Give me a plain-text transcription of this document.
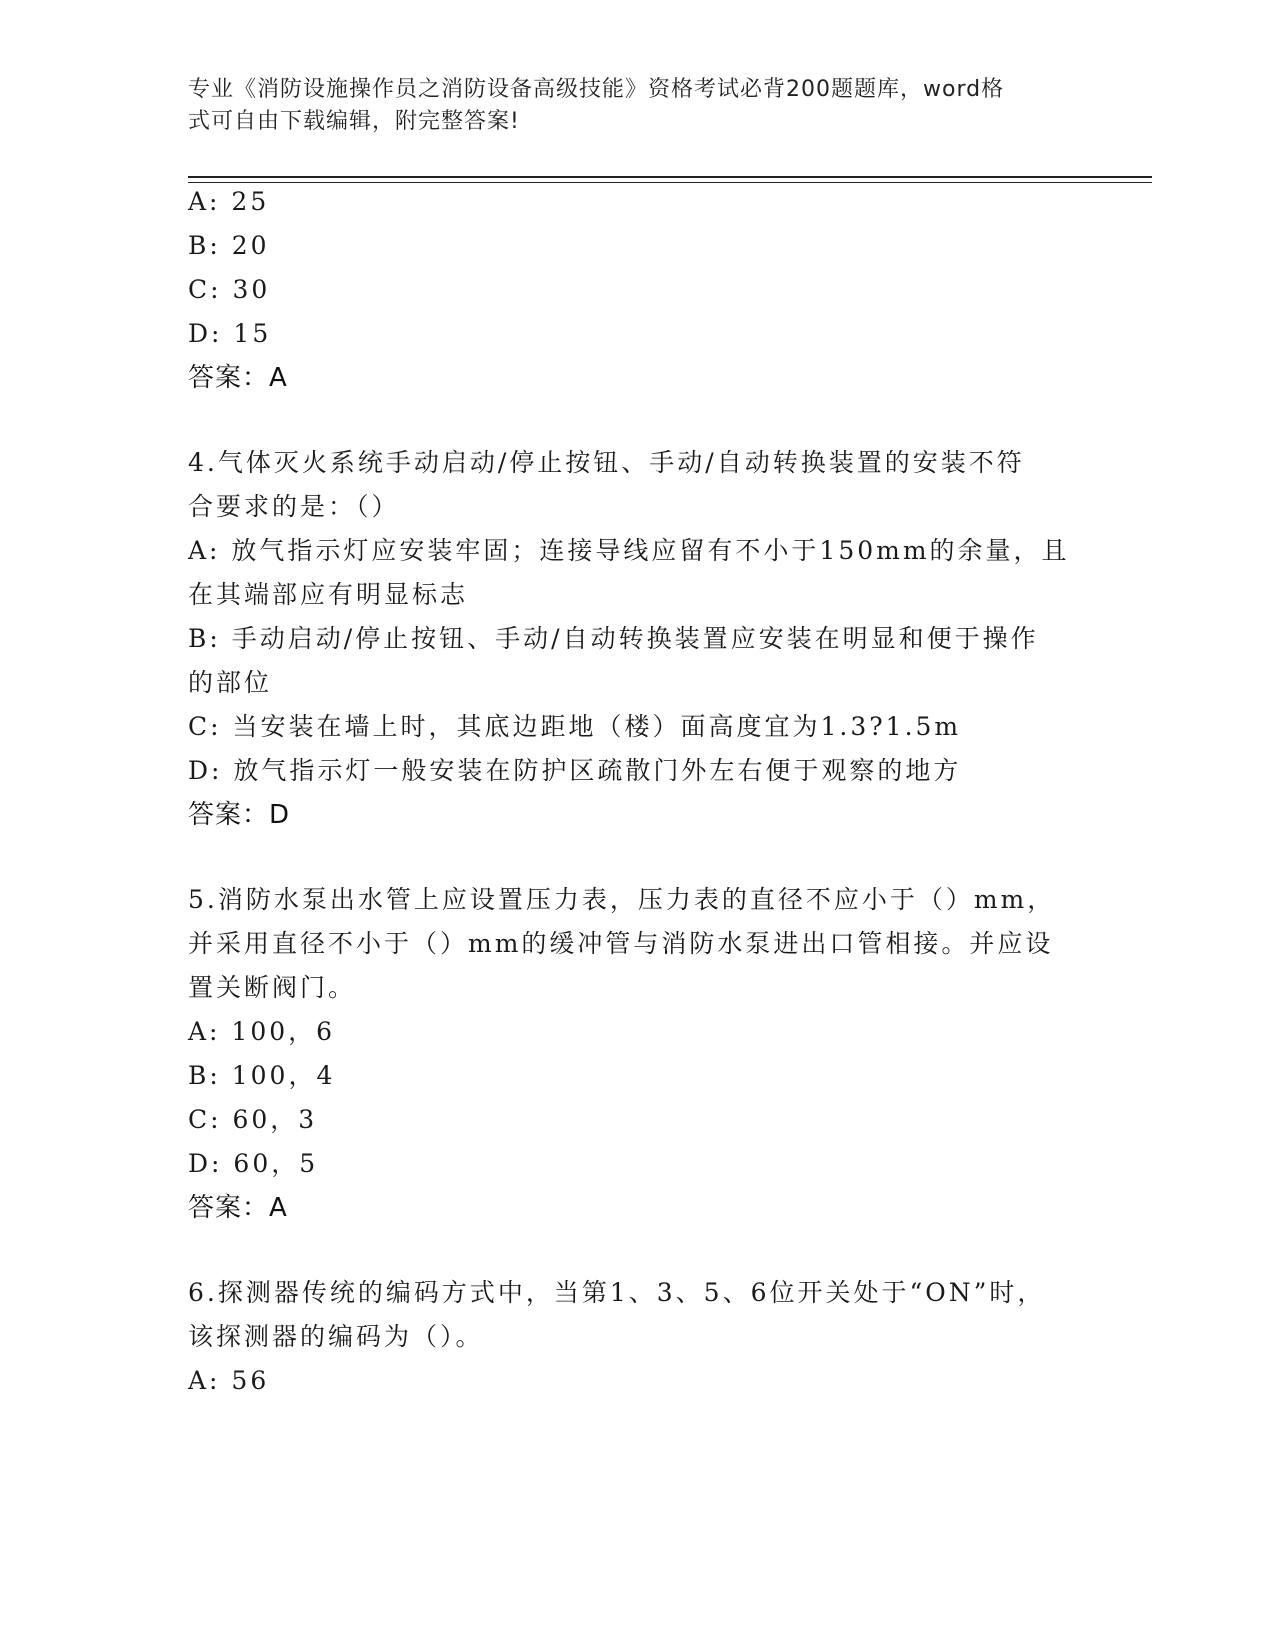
专业《消防设施操作员之消防设备高级技能》资格考试必背200题题库，word格
式可自由下载编辑，附完整答案!
A: 25
B: 20
C: 30
D: 15
答案：A
4.气体灭火系统手动启动/停止按钮、手动/自动转换装置的安装不符
合要求的是：（）
A: 放气指示灯应安装牢固；连接导线应留有不小于150mm的余量，且
在其端部应有明显标志
B: 手动启动/停止按钮、手动/自动转换装置应安装在明显和便于操作
的部位
C: 当安装在墙上时，其底边距地（楼）面高度宜为1.3?1.5m
D: 放气指示灯一般安装在防护区疏散门外左右便于观察的地方
答案：D
5.消防水泵出水管上应设置压力表，压力表的直径不应小于（）mm，
并采用直径不小于（）mm的缓冲管与消防水泵进出口管相接。并应设
置关断阀门。
A: 100，6
B: 100，4
C: 60，3
D: 60，5
答案：A
6.探测器传统的编码方式中，当第1、3、5、6位开关处于“ON”时，
该探测器的编码为（）。
A: 56
